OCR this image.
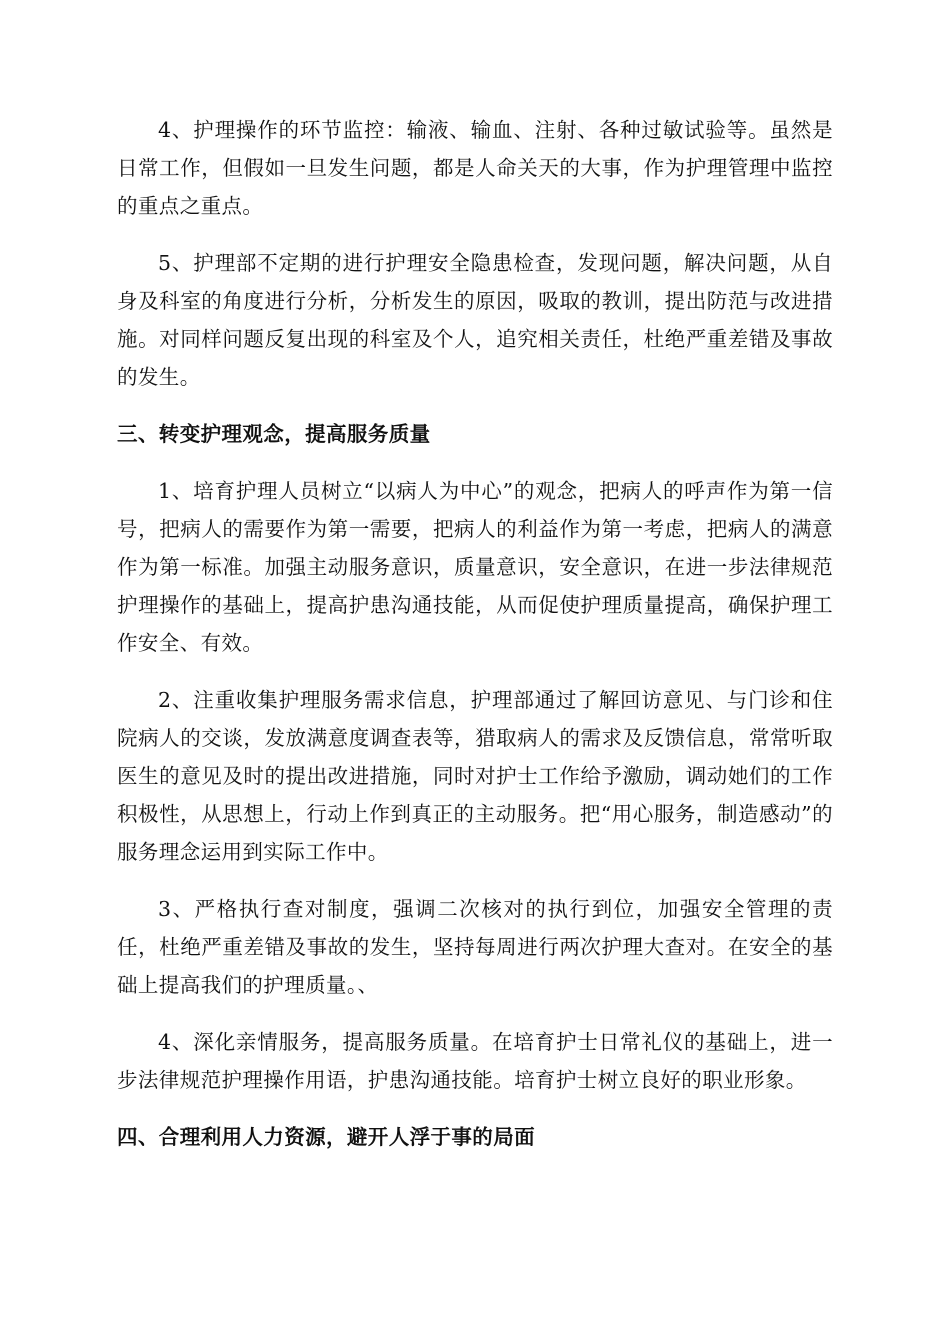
4、护理操作的环节监控：输液、输血、注射、各种过敏试验等。虽然是日常工作，但假如一旦发生问题，都是人命关天的大事，作为护理管理中监控的重点之重点。

5、护理部不定期的进行护理安全隐患检查，发现问题，解决问题，从自身及科室的角度进行分析，分析发生的原因，吸取的教训，提出防范与改进措施。对同样问题反复出现的科室及个人，追究相关责任，杜绝严重差错及事故的发生。

三、转变护理观念，提高服务质量

1、培育护理人员树立“以病人为中心”的观念，把病人的呼声作为第一信号，把病人的需要作为第一需要，把病人的利益作为第一考虑，把病人的满意作为第一标准。加强主动服务意识，质量意识，安全意识，在进一步法律规范护理操作的基础上，提高护患沟通技能，从而促使护理质量提高，确保护理工作安全、有效。

2、注重收集护理服务需求信息，护理部通过了解回访意见、与门诊和住院病人的交谈，发放满意度调查表等，猎取病人的需求及反馈信息，常常听取医生的意见及时的提出改进措施，同时对护士工作给予激励，调动她们的工作积极性，从思想上，行动上作到真正的主动服务。把“用心服务，制造感动”的服务理念运用到实际工作中。

3、严格执行查对制度，强调二次核对的执行到位，加强安全管理的责任，杜绝严重差错及事故的发生，坚持每周进行两次护理大查对。在安全的基础上提高我们的护理质量。、

4、深化亲情服务，提高服务质量。在培育护士日常礼仪的基础上，进一步法律规范护理操作用语，护患沟通技能。培育护士树立良好的职业形象。

四、合理利用人力资源，避开人浮于事的局面
